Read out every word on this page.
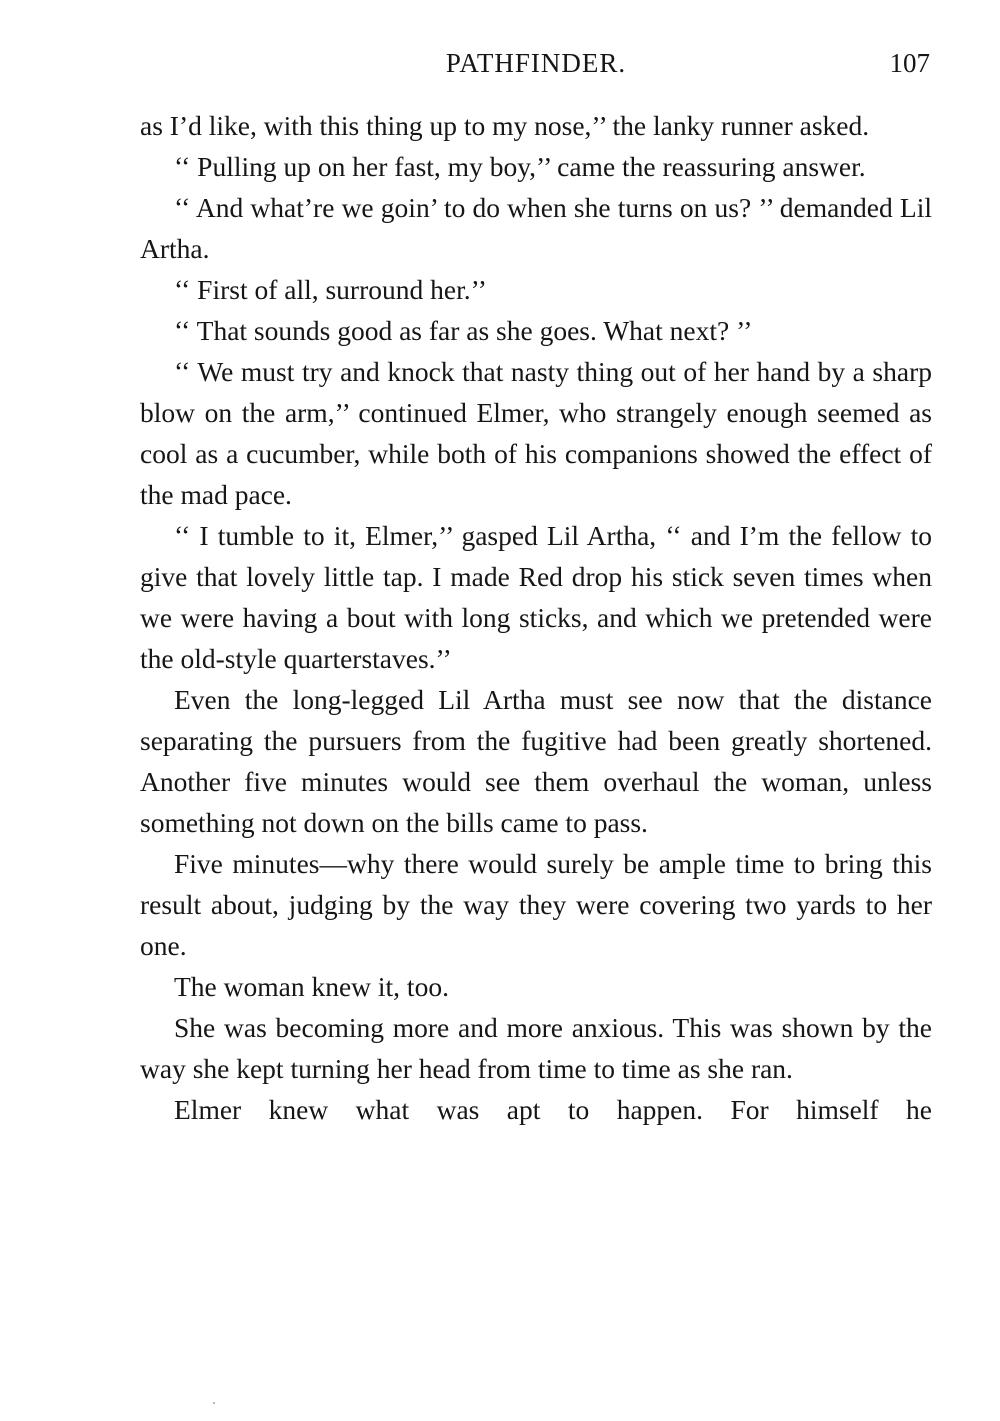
PATHFINDER.	107

as I’d like, with this thing up to my nose,’’ the lanky runner asked.

‘‘ Pulling up on her fast, my boy,’’ came the reassuring answer.

‘‘ And what’re we goin’ to do when she turns on us? ’’ demanded Lil Artha.

‘‘ First of all, surround her.’’

‘‘ That sounds good as far as she goes. What next? ’’

‘‘ We must try and knock that nasty thing out of her hand by a sharp blow on the arm,’’ continued Elmer, who strangely enough seemed as cool as a cucumber, while both of his companions showed the effect of the mad pace.

‘‘ I tumble to it, Elmer,’’ gasped Lil Artha, ‘‘ and I’m the fellow to give that lovely little tap. I made Red drop his stick seven times when we were having a bout with long sticks, and which we pretended were the old-style quarterstaves.’’

Even the long-legged Lil Artha must see now that the distance separating the pursuers from the fugitive had been greatly shortened. Another five minutes would see them overhaul the woman, unless something not down on the bills came to pass.

Five minutes—why there would surely be ample time to bring this result about, judging by the way they were covering two yards to her one.

The woman knew it, too.

She was becoming more and more anxious. This was shown by the way she kept turning her head from time to time as she ran.

Elmer knew what was apt to happen. For himself he
